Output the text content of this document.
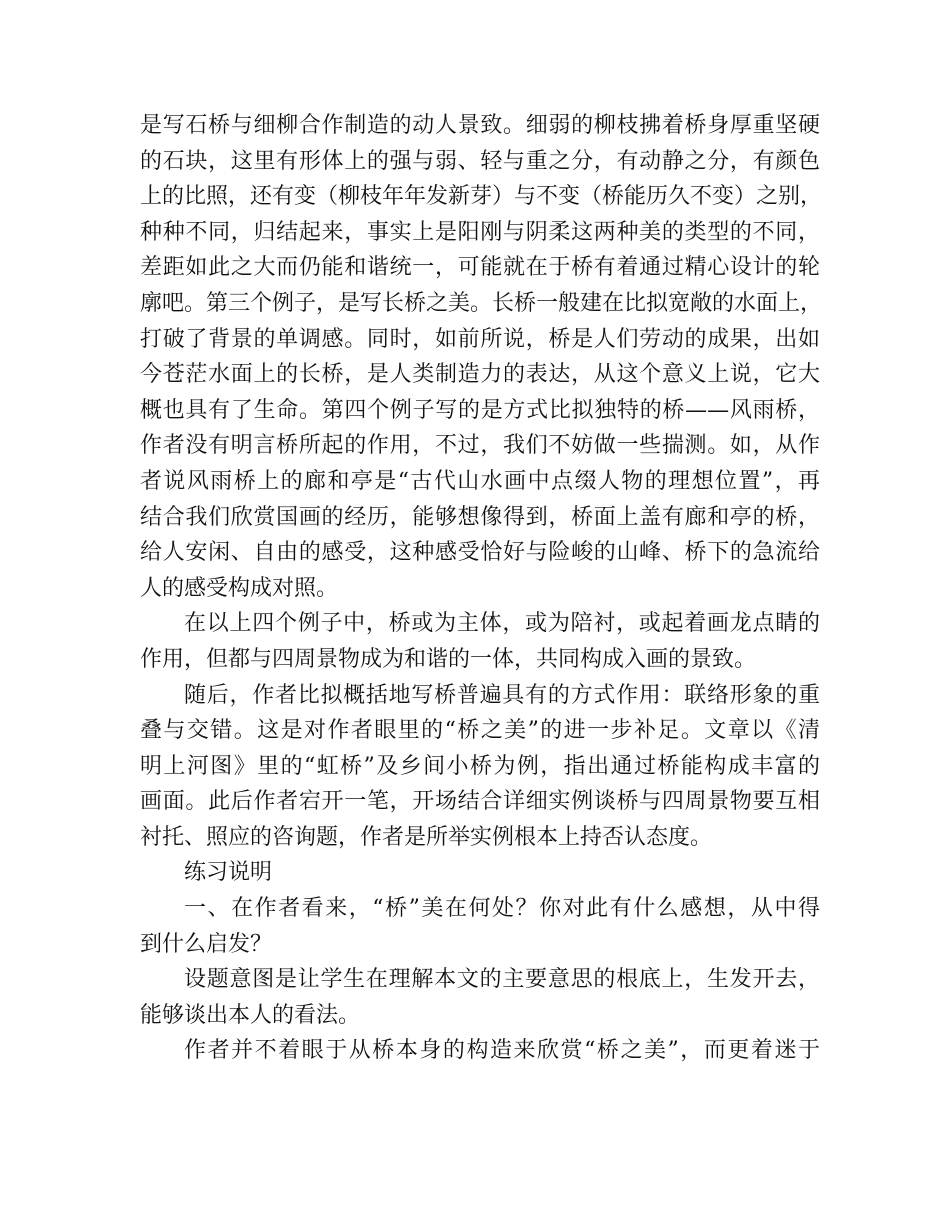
是写石桥与细柳合作制造的动人景致。细弱的柳枝拂着桥身厚重坚硬
的石块，这里有形体上的强与弱、轻与重之分，有动静之分，有颜色
上的比照，还有变（柳枝年年发新芽）与不变（桥能历久不变）之别，
种种不同，归结起来，事实上是阳刚与阴柔这两种美的类型的不同，
差距如此之大而仍能和谐统一，可能就在于桥有着通过精心设计的轮
廓吧。第三个例子，是写长桥之美。长桥一般建在比拟宽敞的水面上，
打破了背景的单调感。同时，如前所说，桥是人们劳动的成果，出如
今苍茫水面上的长桥，是人类制造力的表达，从这个意义上说，它大
概也具有了生命。第四个例子写的是方式比拟独特的桥——风雨桥，
作者没有明言桥所起的作用，不过，我们不妨做一些揣测。如，从作
者说风雨桥上的廊和亭是“古代山水画中点缀人物的理想位置”，再
结合我们欣赏国画的经历，能够想像得到，桥面上盖有廊和亭的桥，
给人安闲、自由的感受，这种感受恰好与险峻的山峰、桥下的急流给
人的感受构成对照。
在以上四个例子中，桥或为主体，或为陪衬，或起着画龙点睛的
作用，但都与四周景物成为和谐的一体，共同构成入画的景致。
随后，作者比拟概括地写桥普遍具有的方式作用：联络形象的重
叠与交错。这是对作者眼里的“桥之美”的进一步补足。文章以《清
明上河图》里的“虹桥”及乡间小桥为例，指出通过桥能构成丰富的
画面。此后作者宕开一笔，开场结合详细实例谈桥与四周景物要互相
衬托、照应的咨询题，作者是所举实例根本上持否认态度。
练习说明
一、在作者看来，“桥”美在何处？你对此有什么感想，从中得
到什么启发？
设题意图是让学生在理解本文的主要意思的根底上，生发开去，
能够谈出本人的看法。
作者并不着眼于从桥本身的构造来欣赏“桥之美”，而更着迷于
